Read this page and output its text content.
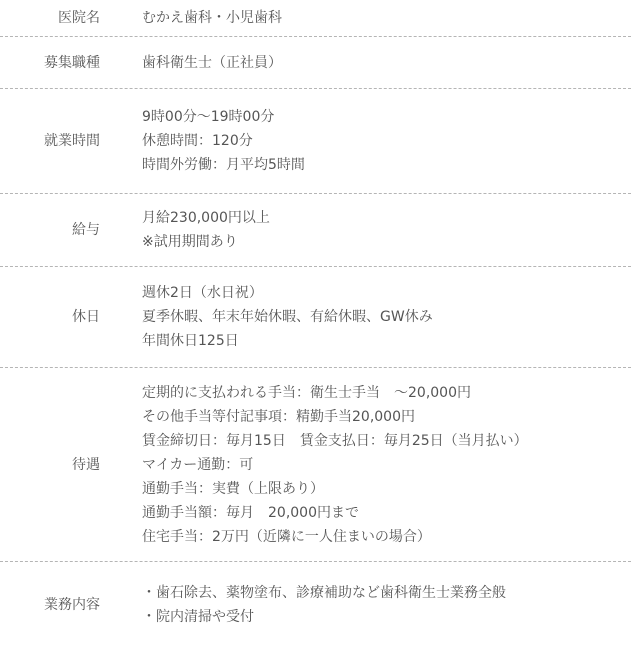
医院名	むかえ歯科・小児歯科
募集職種	歯科衛生士（正社員）
就業時間
9時00分〜19時00分
休憩時間：120分
時間外労働：月平均5時間
給与
月給230,000円以上
※試用期間あり
休日
週休2日（水日祝）
夏季休暇、年末年始休暇、有給休暇、GW休み
年間休日125日
待遇
定期的に支払われる手当：衛生士手当　〜20,000円
その他手当等付記事項：精勤手当20,000円
賃金締切日：毎月15日　賃金支払日：毎月25日（当月払い）
マイカー通勤：可
通勤手当：実費（上限あり）
通勤手当額：毎月　20,000円まで
住宅手当：2万円（近隣に一人住まいの場合）
業務内容
・歯石除去、薬物塗布、診療補助など歯科衛生士業務全般
・院内清掃や受付
